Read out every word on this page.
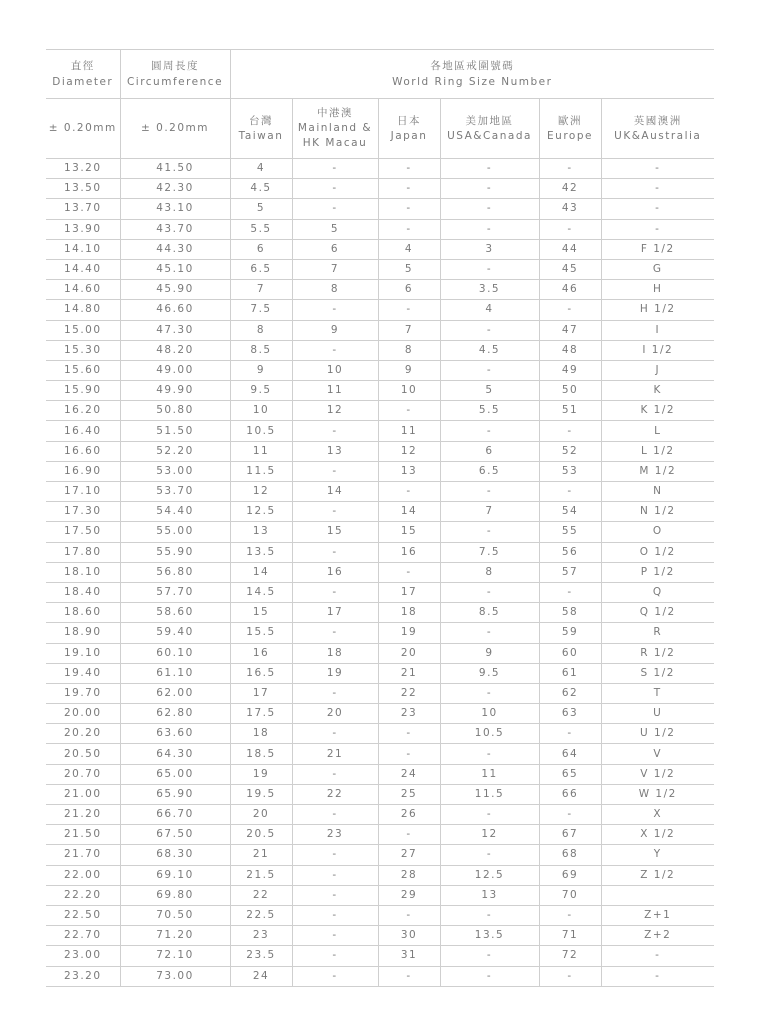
直徑
Diameter	圓周長度
Circumference	各地區戒圍號碼
World Ring Size Number					

± 0.20mm	± 0.20mm	台灣
Taiwan	中港澳
Mainland &
HK Macau	日本
Japan	美加地區
USA&Canada	歐洲
Europe	英國澳洲
UK&Australia

13.20	41.50	4	-	-	-	-	-
13.50	42.30	4.5	-	-	-	42	-
13.70	43.10	5	-	-	-	43	-
13.90	43.70	5.5	5	-	-	-	-
14.10	44.30	6	6	4	3	44	F 1/2
14.40	45.10	6.5	7	5	-	45	G
14.60	45.90	7	8	6	3.5	46	H
14.80	46.60	7.5	-	-	4	-	H 1/2
15.00	47.30	8	9	7	-	47	I
15.30	48.20	8.5	-	8	4.5	48	I 1/2
15.60	49.00	9	10	9	-	49	J
15.90	49.90	9.5	11	10	5	50	K
16.20	50.80	10	12	-	5.5	51	K 1/2
16.40	51.50	10.5	-	11	-	-	L
16.60	52.20	11	13	12	6	52	L 1/2
16.90	53.00	11.5	-	13	6.5	53	M 1/2
17.10	53.70	12	14	-	-	-	N
17.30	54.40	12.5	-	14	7	54	N 1/2
17.50	55.00	13	15	15	-	55	O
17.80	55.90	13.5	-	16	7.5	56	O 1/2
18.10	56.80	14	16	-	8	57	P 1/2
18.40	57.70	14.5	-	17	-	-	Q
18.60	58.60	15	17	18	8.5	58	Q 1/2
18.90	59.40	15.5	-	19	-	59	R
19.10	60.10	16	18	20	9	60	R 1/2
19.40	61.10	16.5	19	21	9.5	61	S 1/2
19.70	62.00	17	-	22	-	62	T
20.00	62.80	17.5	20	23	10	63	U
20.20	63.60	18	-	-	10.5	-	U 1/2
20.50	64.30	18.5	21	-	-	64	V
20.70	65.00	19	-	24	11	65	V 1/2
21.00	65.90	19.5	22	25	11.5	66	W 1/2
21.20	66.70	20	-	26	-	-	X
21.50	67.50	20.5	23	-	12	67	X 1/2
21.70	68.30	21	-	27	-	68	Y
22.00	69.10	21.5	-	28	12.5	69	Z 1/2
22.20	69.80	22	-	29	13	70	
22.50	70.50	22.5	-	-	-	-	Z+1
22.70	71.20	23	-	30	13.5	71	Z+2
23.00	72.10	23.5	-	31	-	72	-
23.20	73.00	24	-	-	-	-	-
